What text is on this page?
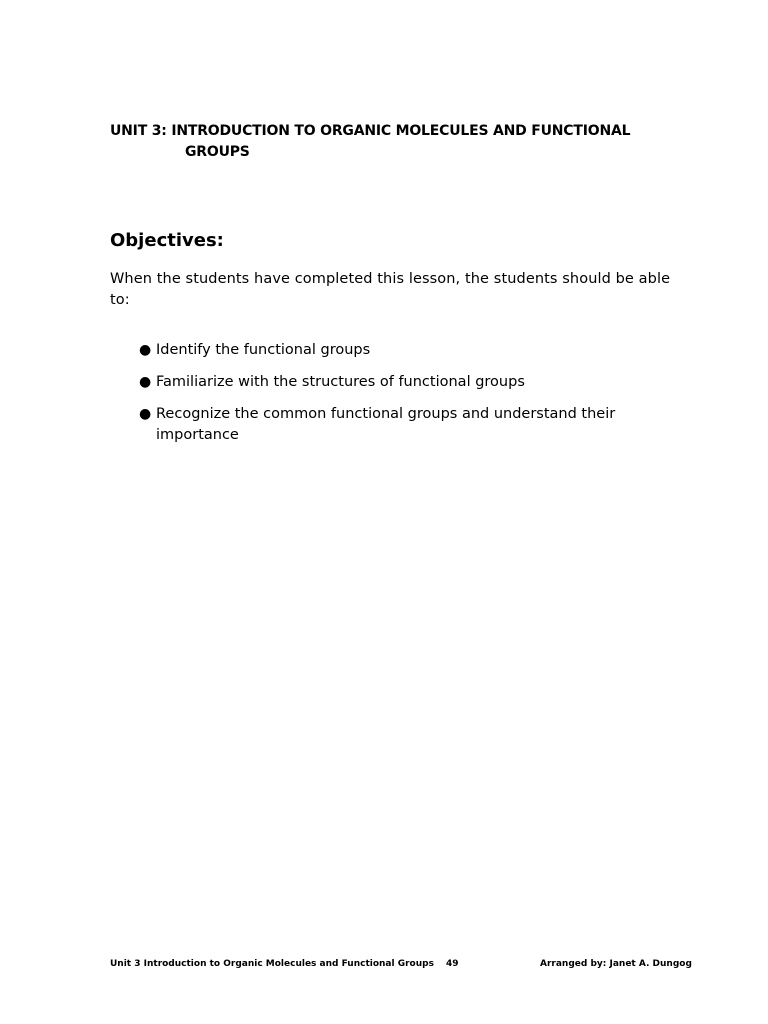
UNIT 3: INTRODUCTION TO ORGANIC MOLECULES AND FUNCTIONAL
GROUPS
Objectives:
When the students have completed this lesson, the students should be able to:
● Identify the functional groups
● Familiarize with the structures of functional groups
● Recognize the common functional groups and understand their importance
Unit 3 Introduction to Organic Molecules and Functional Groups 49	Arranged by: Janet A. Dungog
